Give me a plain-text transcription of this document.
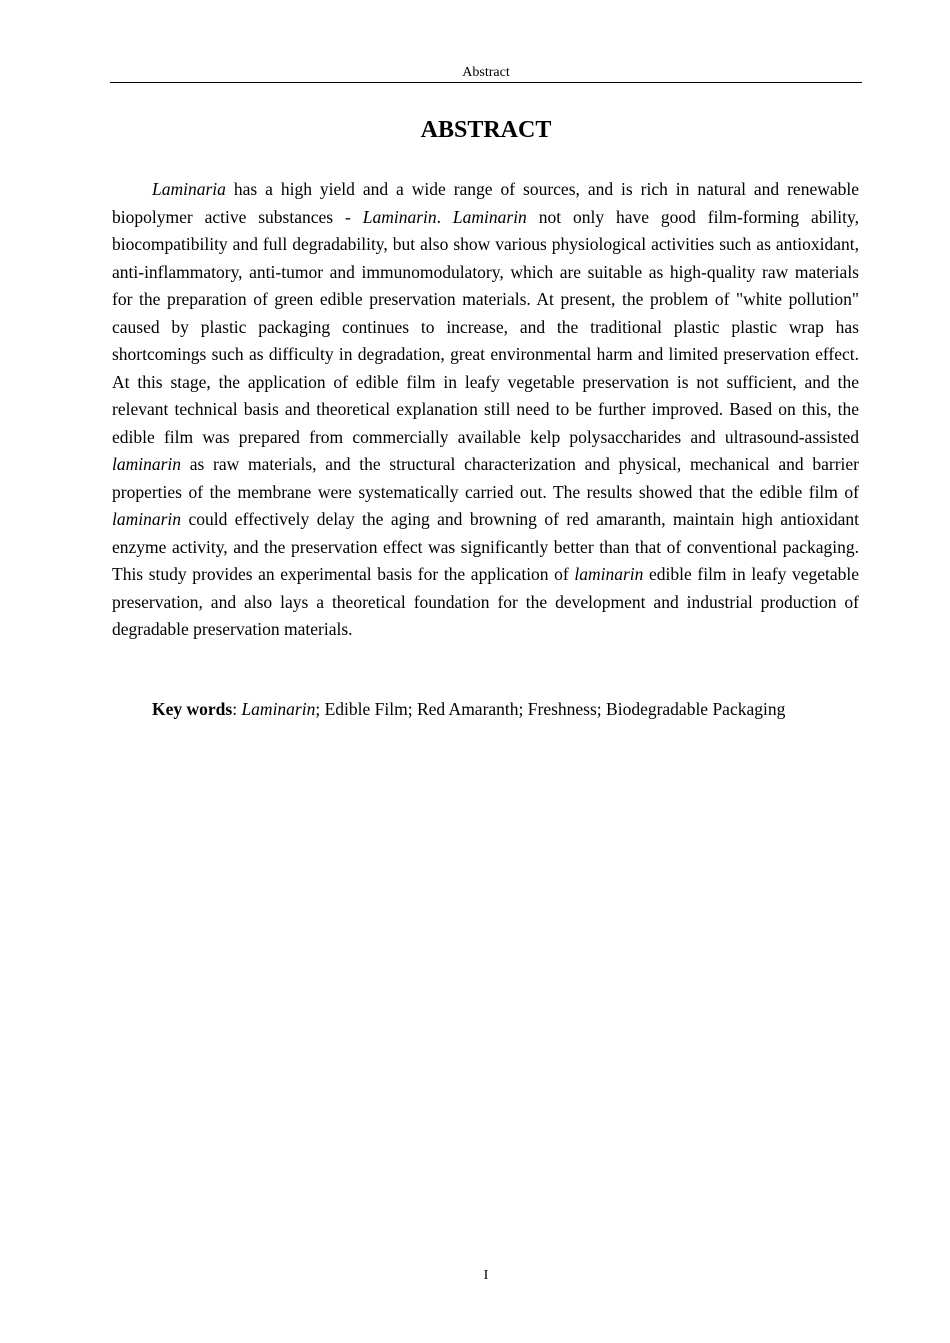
Abstract
ABSTRACT

Laminaria has a high yield and a wide range of sources, and is rich in natural and renewable biopolymer active substances - Laminarin. Laminarin not only have good film-forming ability, biocompatibility and full degradability, but also show various physiological activities such as antioxidant, anti-inflammatory, anti-tumor and immunomodulatory, which are suitable as high-quality raw materials for the preparation of green edible preservation materials. At present, the problem of "white pollution" caused by plastic packaging continues to increase, and the traditional plastic plastic wrap has shortcomings such as difficulty in degradation, great environmental harm and limited preservation effect. At this stage, the application of edible film in leafy vegetable preservation is not sufficient, and the relevant technical basis and theoretical explanation still need to be further improved. Based on this, the edible film was prepared from commercially available kelp polysaccharides and ultrasound-assisted laminarin as raw materials, and the structural characterization and physical, mechanical and barrier properties of the membrane were systematically carried out. The results showed that the edible film of laminarin could effectively delay the aging and browning of red amaranth, maintain high antioxidant enzyme activity, and the preservation effect was significantly better than that of conventional packaging. This study provides an experimental basis for the application of laminarin edible film in leafy vegetable preservation, and also lays a theoretical foundation for the development and industrial production of degradable preservation materials.

Key words: Laminarin; Edible Film; Red Amaranth; Freshness; Biodegradable Packaging

I
